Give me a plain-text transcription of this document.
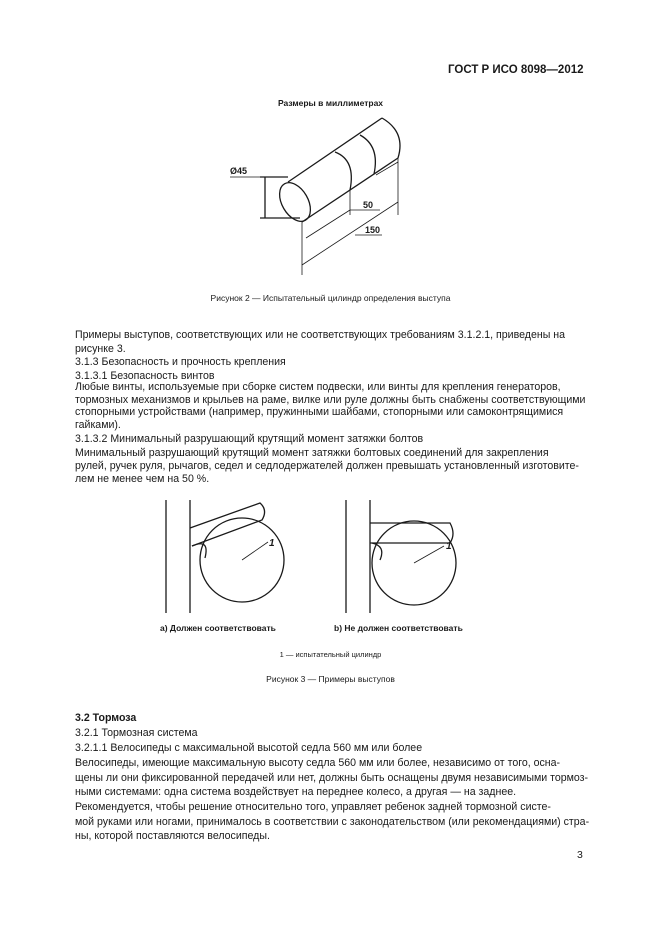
ГОСТ Р ИСО 8098—2012
Размеры в миллиметрах
Ø45
50
150
Рисунок 2 — Испытательный цилиндр определения выступа
Примеры выступов, соответствующих или не соответствующих требованиям 3.1.2.1, приведены на
рисунке 3.
3.1.3 Безопасность и прочность крепления
3.1.3.1 Безопасность винтов
Любые винты, используемые при сборке систем подвески, или винты для крепления генераторов,
тормозных механизмов и крыльев на раме, вилке или руле должны быть снабжены соответствующими
стопорными устройствами (например, пружинными шайбами, стопорными или самоконтрящимися
гайками).
3.1.3.2 Минимальный разрушающий крутящий момент затяжки болтов
Минимальный разрушающий крутящий момент затяжки болтовых соединений для закрепления
рулей, ручек руля, рычагов, седел и седлодержателей должен превышать установленный изготовите-
лем не менее чем на 50 %.
1	1
а) Должен соответствовать	b) Не должен соответствовать
1 — испытательный цилиндр
Рисунок 3 — Примеры выступов
3.2 Тормоза
3.2.1 Тормозная система
3.2.1.1 Велосипеды с максимальной высотой седла 560 мм или более
Велосипеды, имеющие максимальную высоту седла 560 мм или более, независимо от того, осна-
щены ли они фиксированной передачей или нет, должны быть оснащены двумя независимыми тормоз-
ными системами: одна система воздействует на переднее колесо, а другая — на заднее.
Рекомендуется, чтобы решение относительно того, управляет ребенок задней тормозной систе-
мой руками или ногами, принималось в соответствии с законодательством (или рекомендациями) стра-
ны, которой поставляются велосипеды.
3
